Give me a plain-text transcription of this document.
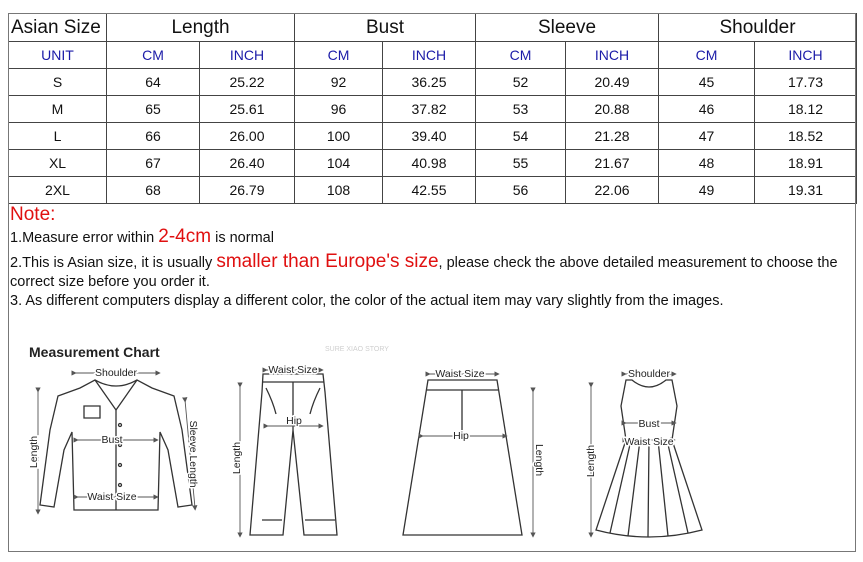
Asian Size	Length		Bust		Sleeve		Shoulder	
UNIT	CM	INCH	CM	INCH	CM	INCH	CM	INCH
S	64	25.22	92	36.25	52	20.49	45	17.73
M	65	25.61	96	37.82	53	20.88	46	18.12
L	66	26.00	100	39.40	54	21.28	47	18.52
XL	67	26.40	104	40.98	55	21.67	48	18.91
2XL	68	26.79	108	42.55	56	22.06	49	19.31

Note:

1.Measure error within 2-4cm is normal

2.This is Asian size, it is usually smaller than Europe's size, please check the above detailed measurement to choose the correct size before you order it.

3. As different computers display a different color, the color of the actual item may vary slightly from the images.

Measurement Chart	SURE XIAO STORY
Shoulder
Bust
Waist Size
Length	Sleeve Length
Waist Size
Hip
Length
Waist Size
Hip
Length
Shoulder
Bust
Waist Size
Length
